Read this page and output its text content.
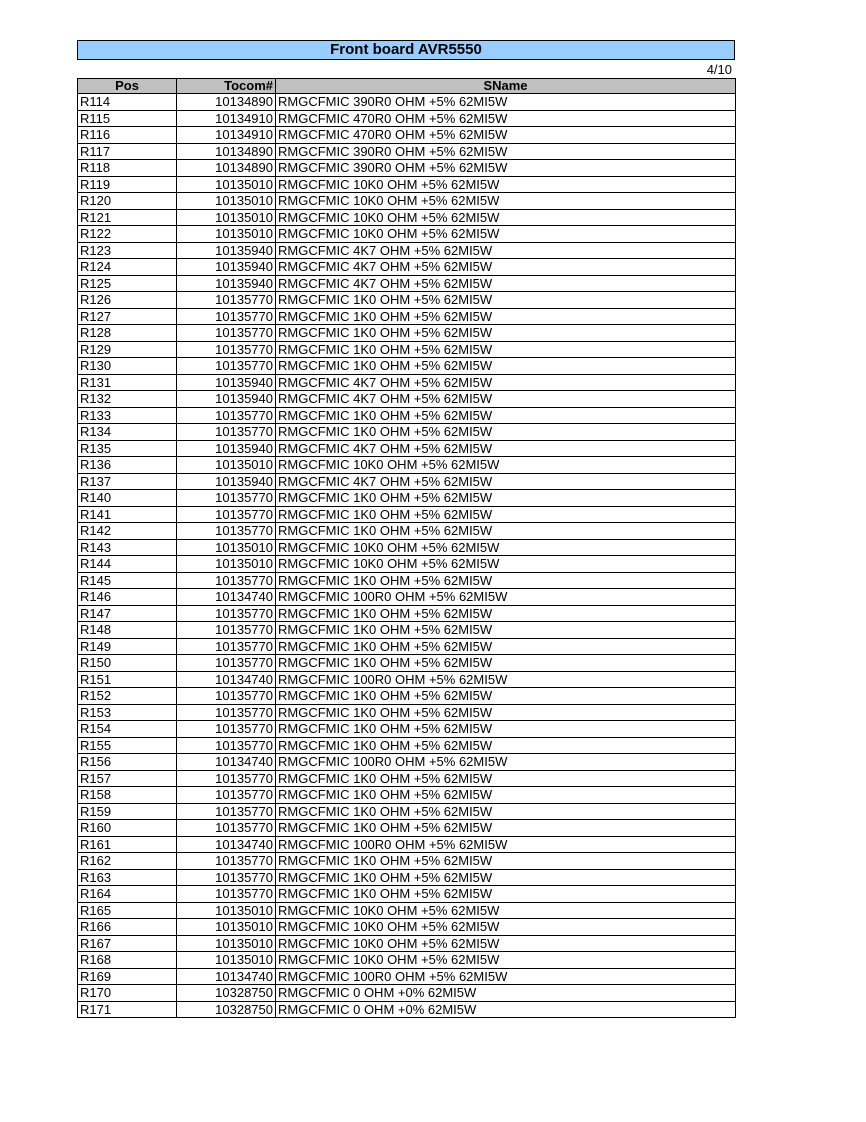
Front board AVR5550
4/10
Pos	Tocom#	SName
R114	10134890	RMGCFMIC 390R0 OHM +5% 62MI5W
R115	10134910	RMGCFMIC 470R0 OHM +5% 62MI5W
R116	10134910	RMGCFMIC 470R0 OHM +5% 62MI5W
R117	10134890	RMGCFMIC 390R0 OHM +5% 62MI5W
R118	10134890	RMGCFMIC 390R0 OHM +5% 62MI5W
R119	10135010	RMGCFMIC 10K0 OHM +5% 62MI5W
R120	10135010	RMGCFMIC 10K0 OHM +5% 62MI5W
R121	10135010	RMGCFMIC 10K0 OHM +5% 62MI5W
R122	10135010	RMGCFMIC 10K0 OHM +5% 62MI5W
R123	10135940	RMGCFMIC 4K7 OHM +5% 62MI5W
R124	10135940	RMGCFMIC 4K7 OHM +5% 62MI5W
R125	10135940	RMGCFMIC 4K7 OHM +5% 62MI5W
R126	10135770	RMGCFMIC 1K0 OHM +5% 62MI5W
R127	10135770	RMGCFMIC 1K0 OHM +5% 62MI5W
R128	10135770	RMGCFMIC 1K0 OHM +5% 62MI5W
R129	10135770	RMGCFMIC 1K0 OHM +5% 62MI5W
R130	10135770	RMGCFMIC 1K0 OHM +5% 62MI5W
R131	10135940	RMGCFMIC 4K7 OHM +5% 62MI5W
R132	10135940	RMGCFMIC 4K7 OHM +5% 62MI5W
R133	10135770	RMGCFMIC 1K0 OHM +5% 62MI5W
R134	10135770	RMGCFMIC 1K0 OHM +5% 62MI5W
R135	10135940	RMGCFMIC 4K7 OHM +5% 62MI5W
R136	10135010	RMGCFMIC 10K0 OHM +5% 62MI5W
R137	10135940	RMGCFMIC 4K7 OHM +5% 62MI5W
R140	10135770	RMGCFMIC 1K0 OHM +5% 62MI5W
R141	10135770	RMGCFMIC 1K0 OHM +5% 62MI5W
R142	10135770	RMGCFMIC 1K0 OHM +5% 62MI5W
R143	10135010	RMGCFMIC 10K0 OHM +5% 62MI5W
R144	10135010	RMGCFMIC 10K0 OHM +5% 62MI5W
R145	10135770	RMGCFMIC 1K0 OHM +5% 62MI5W
R146	10134740	RMGCFMIC 100R0 OHM +5% 62MI5W
R147	10135770	RMGCFMIC 1K0 OHM +5% 62MI5W
R148	10135770	RMGCFMIC 1K0 OHM +5% 62MI5W
R149	10135770	RMGCFMIC 1K0 OHM +5% 62MI5W
R150	10135770	RMGCFMIC 1K0 OHM +5% 62MI5W
R151	10134740	RMGCFMIC 100R0 OHM +5% 62MI5W
R152	10135770	RMGCFMIC 1K0 OHM +5% 62MI5W
R153	10135770	RMGCFMIC 1K0 OHM +5% 62MI5W
R154	10135770	RMGCFMIC 1K0 OHM +5% 62MI5W
R155	10135770	RMGCFMIC 1K0 OHM +5% 62MI5W
R156	10134740	RMGCFMIC 100R0 OHM +5% 62MI5W
R157	10135770	RMGCFMIC 1K0 OHM +5% 62MI5W
R158	10135770	RMGCFMIC 1K0 OHM +5% 62MI5W
R159	10135770	RMGCFMIC 1K0 OHM +5% 62MI5W
R160	10135770	RMGCFMIC 1K0 OHM +5% 62MI5W
R161	10134740	RMGCFMIC 100R0 OHM +5% 62MI5W
R162	10135770	RMGCFMIC 1K0 OHM +5% 62MI5W
R163	10135770	RMGCFMIC 1K0 OHM +5% 62MI5W
R164	10135770	RMGCFMIC 1K0 OHM +5% 62MI5W
R165	10135010	RMGCFMIC 10K0 OHM +5% 62MI5W
R166	10135010	RMGCFMIC 10K0 OHM +5% 62MI5W
R167	10135010	RMGCFMIC 10K0 OHM +5% 62MI5W
R168	10135010	RMGCFMIC 10K0 OHM +5% 62MI5W
R169	10134740	RMGCFMIC 100R0 OHM +5% 62MI5W
R170	10328750	RMGCFMIC 0 OHM +0% 62MI5W
R171	10328750	RMGCFMIC 0 OHM +0% 62MI5W
